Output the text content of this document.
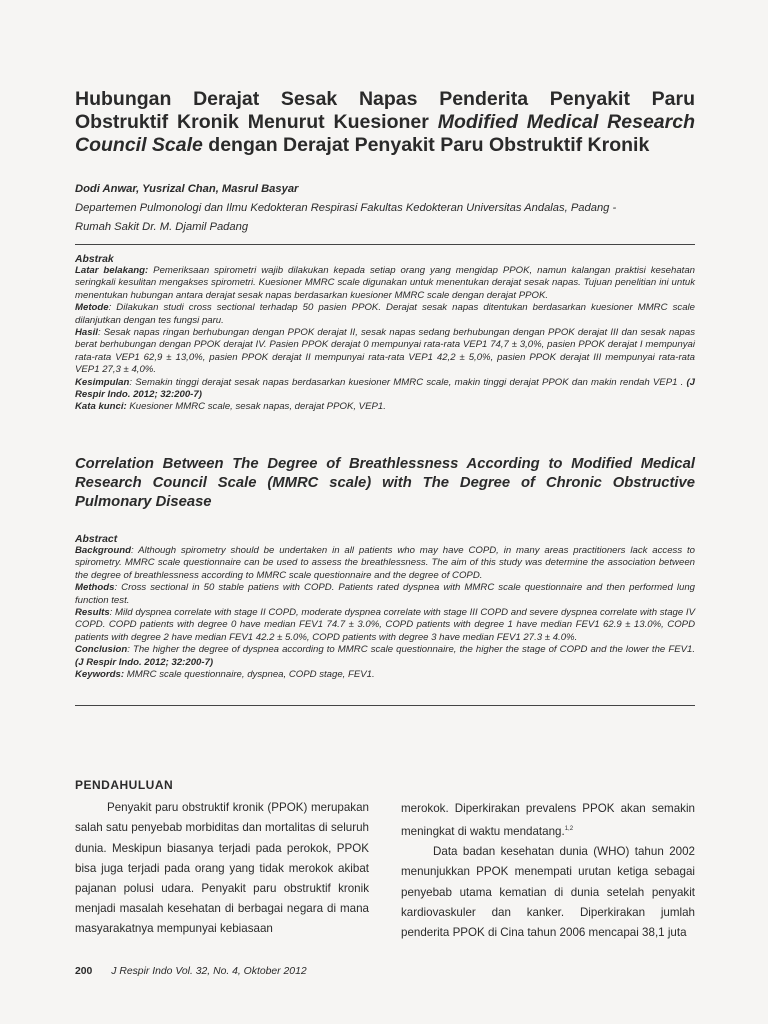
Hubungan Derajat Sesak Napas Penderita Penyakit Paru Obstruktif Kronik Menurut Kuesioner Modified Medical Research Council Scale dengan Derajat Penyakit Paru Obstruktif Kronik
Dodi Anwar, Yusrizal Chan, Masrul Basyar
Departemen Pulmonologi dan Ilmu Kedokteran Respirasi Fakultas Kedokteran Universitas Andalas, Padang -
Rumah Sakit Dr. M. Djamil Padang
Abstrak
Latar belakang: Pemeriksaan spirometri wajib dilakukan kepada setiap orang yang mengidap PPOK, namun kalangan praktisi kesehatan seringkali kesulitan mengakses spirometri. Kuesioner MMRC scale digunakan untuk menentukan derajat sesak napas. Tujuan penelitian ini untuk menentukan hubungan antara derajat sesak napas berdasarkan kuesioner MMRC scale dengan derajat PPOK.
Metode: Dilakukan studi cross sectional terhadap 50 pasien PPOK. Derajat sesak napas ditentukan berdasarkan kuesioner MMRC scale dilanjutkan dengan tes fungsi paru.
Hasil: Sesak napas ringan berhubungan dengan PPOK derajat II, sesak napas sedang berhubungan dengan PPOK derajat III dan sesak napas berat berhubungan dengan PPOK derajat IV. Pasien PPOK derajat 0 mempunyai rata-rata VEP1 74,7 ± 3,0%, pasien PPOK derajat I mempunyai rata-rata VEP1 62,9 ± 13,0%, pasien PPOK derajat II mempunyai rata-rata VEP1 42,2 ± 5,0%, pasien PPOK derajat III mempunyai rata-rata VEP1 27,3 ± 4,0%.
Kesimpulan: Semakin tinggi derajat sesak napas berdasarkan kuesioner MMRC scale, makin tinggi derajat PPOK dan makin rendah VEP1 . (J Respir Indo. 2012; 32:200-7)
Kata kunci: Kuesioner MMRC scale, sesak napas, derajat PPOK, VEP1.
Correlation Between The Degree of Breathlessness According to Modified Medical Research Council Scale (MMRC scale) with The Degree of Chronic Obstructive Pulmonary Disease
Abstract
Background: Although spirometry should be undertaken in all patients who may have COPD, in many areas practitioners lack access to spirometry. MMRC scale questionnaire can be used to assess the breathlessness. The aim of this study was determine the association between the degree of breathlessness according to MMRC scale questionnaire and the degree of COPD.
Methods: Cross sectional in 50 stable patiens with COPD. Patients rated dyspnea with MMRC scale questionnaire and then performed lung function test.
Results: Mild dyspnea correlate with stage II COPD, moderate dyspnea correlate with stage III COPD and severe dyspnea correlate with stage IV COPD. COPD patients with degree 0 have median FEV1 74.7 ± 3.0%, COPD patients with degree 1 have median FEV1 62.9 ± 13.0%, COPD patients with degree 2 have median FEV1 42.2 ± 5.0%, COPD patients with degree 3 have median FEV1 27.3 ± 4.0%.
Conclusion: The higher the degree of dyspnea according to MMRC scale questionnaire, the higher the stage of COPD and the lower the FEV1. (J Respir Indo. 2012; 32:200-7)
Keywords: MMRC scale questionnaire, dyspnea, COPD stage, FEV1.
PENDAHULUAN
Penyakit paru obstruktif kronik (PPOK) merupakan salah satu penyebab morbiditas dan mortalitas di seluruh dunia. Meskipun biasanya terjadi pada perokok, PPOK bisa juga terjadi pada orang yang tidak merokok akibat pajanan polusi udara. Penyakit paru obstruktif kronik menjadi masalah kesehatan di berbagai negara di mana masyarakatnya mempunyai kebiasaan
merokok. Diperkirakan prevalens PPOK akan semakin meningkat di waktu mendatang.$^{1,2}$
Data badan kesehatan dunia (WHO) tahun 2002 menunjukkan PPOK menempati urutan ketiga sebagai penyebab utama kematian di dunia setelah penyakit kardiovaskuler dan kanker. Diperkirakan jumlah penderita PPOK di Cina tahun 2006 mencapai 38,1 juta
200 J Respir Indo Vol. 32, No. 4, Oktober 2012
